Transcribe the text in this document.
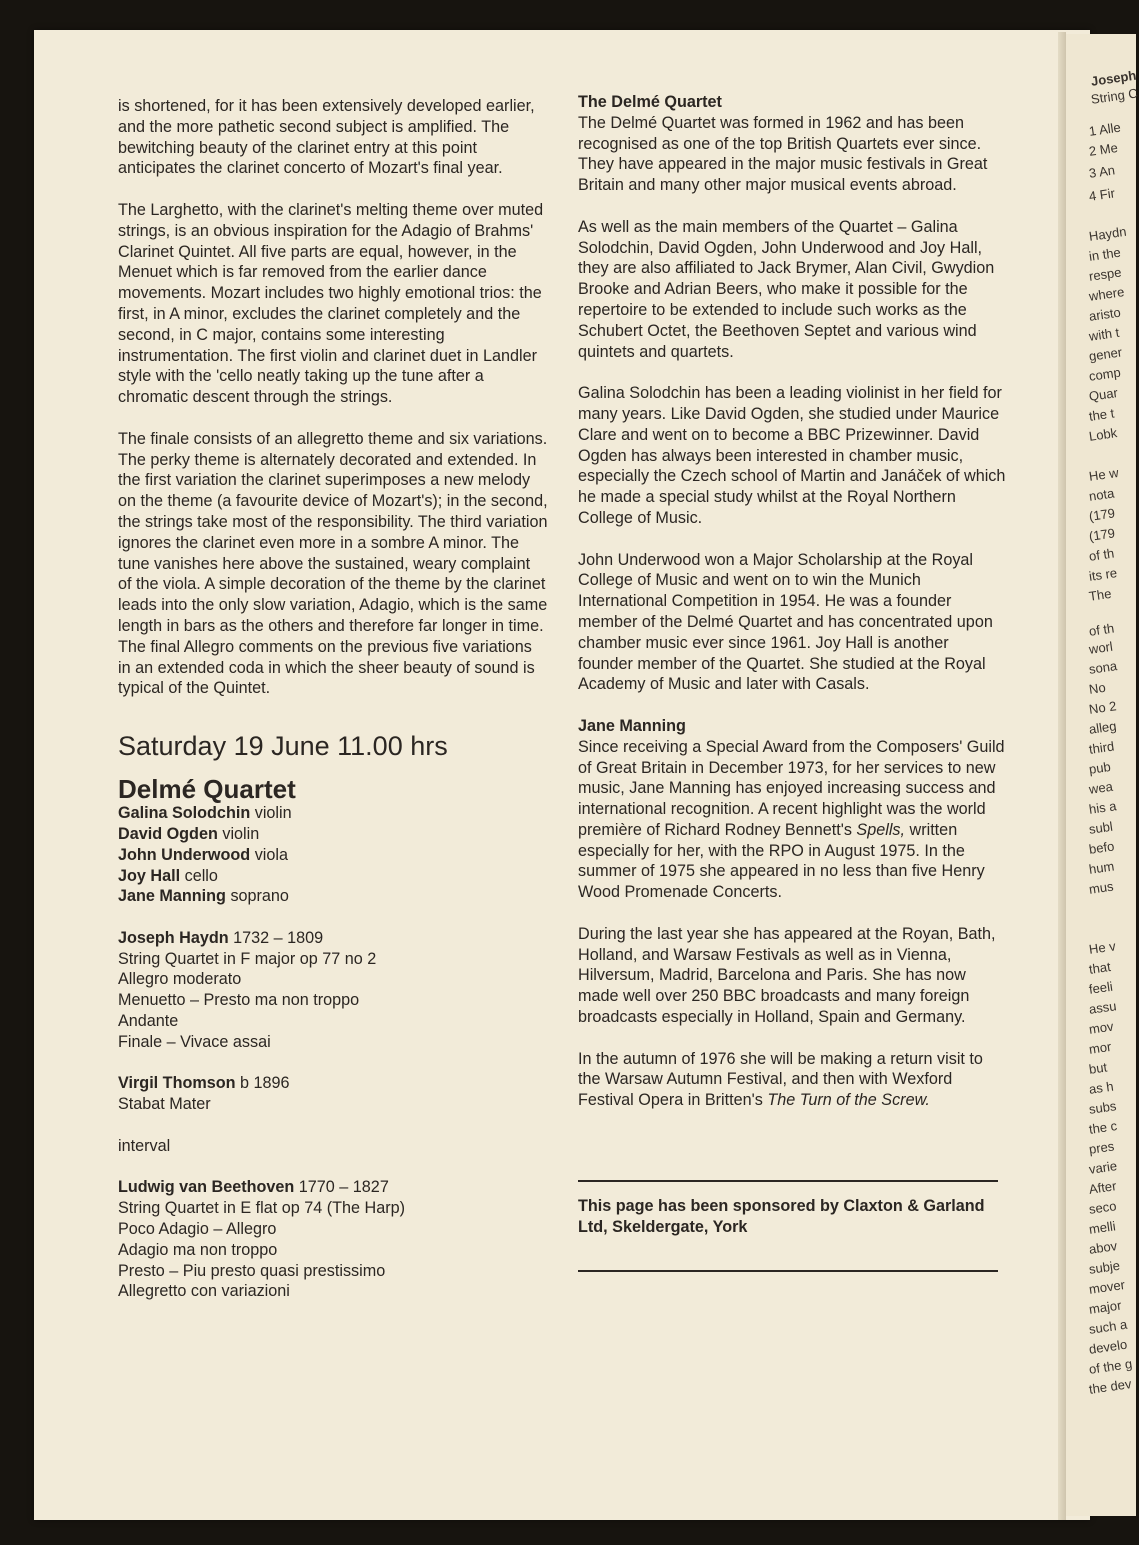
Joseph
String C
1 Alle
2 Me
3 An
4 Fir
Haydn
in the
respe
where
aristo
with t
gener
comp
Quar
the t
Lobk
He w
nota
(179
(179
of th
its re
The
of th
worl
sona
No
No 2
alleg
third
pub
wea
his a
subl
befo
hum
mus
He v
that
feeli
assu
mov
mor
but
as h
subs
the c
pres
varie
After
seco
melli
abov
subje
mover
major
such a
develo
of the g
the dev

is shortened, for it has been extensively developed earlier, and the more pathetic second subject is amplified. The bewitching beauty of the clarinet entry at this point anticipates the clarinet concerto of Mozart's final year.

The Larghetto, with the clarinet's melting theme over muted strings, is an obvious inspiration for the Adagio of Brahms' Clarinet Quintet. All five parts are equal, however, in the Menuet which is far removed from the earlier dance movements. Mozart includes two highly emotional trios: the first, in A minor, excludes the clarinet completely and the second, in C major, contains some interesting instrumentation. The first violin and clarinet duet in Landler style with the 'cello neatly taking up the tune after a chromatic descent through the strings.

The finale consists of an allegretto theme and six variations. The perky theme is alternately decorated and extended. In the first variation the clarinet superimposes a new melody on the theme (a favourite device of Mozart's); in the second, the strings take most of the responsibility. The third variation ignores the clarinet even more in a sombre A minor. The tune vanishes here above the sustained, weary complaint of the viola. A simple decoration of the theme by the clarinet leads into the only slow variation, Adagio, which is the same length in bars as the others and therefore far longer in time. The final Allegro comments on the previous five variations in an extended coda in which the sheer beauty of sound is typical of the Quintet.

Saturday 19 June 11.00 hrs
Delmé Quartet
Galina Solodchin violin
David Ogden violin
John Underwood viola
Joy Hall cello
Jane Manning soprano
Joseph Haydn 1732 – 1809
String Quartet in F major op 77 no 2
Allegro moderato
Menuetto – Presto ma non troppo
Andante
Finale – Vivace assai
Virgil Thomson b 1896
Stabat Mater
interval
Ludwig van Beethoven 1770 – 1827
String Quartet in E flat op 74 (The Harp)
Poco Adagio – Allegro
Adagio ma non troppo
Presto – Piu presto quasi prestissimo
Allegretto con variazioni

The Delmé Quartet
The Delmé Quartet was formed in 1962 and has been recognised as one of the top British Quartets ever since. They have appeared in the major music festivals in Great Britain and many other major musical events abroad.

As well as the main members of the Quartet – Galina Solodchin, David Ogden, John Underwood and Joy Hall, they are also affiliated to Jack Brymer, Alan Civil, Gwydion Brooke and Adrian Beers, who make it possible for the repertoire to be extended to include such works as the Schubert Octet, the Beethoven Septet and various wind quintets and quartets.

Galina Solodchin has been a leading violinist in her field for many years. Like David Ogden, she studied under Maurice Clare and went on to become a BBC Prizewinner. David Ogden has always been interested in chamber music, especially the Czech school of Martin and Janáček of which he made a special study whilst at the Royal Northern College of Music.

John Underwood won a Major Scholarship at the Royal College of Music and went on to win the Munich International Competition in 1954. He was a founder member of the Delmé Quartet and has concentrated upon chamber music ever since 1961. Joy Hall is another founder member of the Quartet. She studied at the Royal Academy of Music and later with Casals.

Jane Manning
Since receiving a Special Award from the Composers' Guild of Great Britain in December 1973, for her services to new music, Jane Manning has enjoyed increasing success and international recognition. A recent highlight was the world première of Richard Rodney Bennett's Spells, written especially for her, with the RPO in August 1975. In the summer of 1975 she appeared in no less than five Henry Wood Promenade Concerts.

During the last year she has appeared at the Royan, Bath, Holland, and Warsaw Festivals as well as in Vienna, Hilversum, Madrid, Barcelona and Paris. She has now made well over 250 BBC broadcasts and many foreign broadcasts especially in Holland, Spain and Germany.

In the autumn of 1976 she will be making a return visit to the Warsaw Autumn Festival, and then with Wexford Festival Opera in Britten's The Turn of the Screw.

This page has been sponsored by Claxton & Garland Ltd, Skeldergate, York
